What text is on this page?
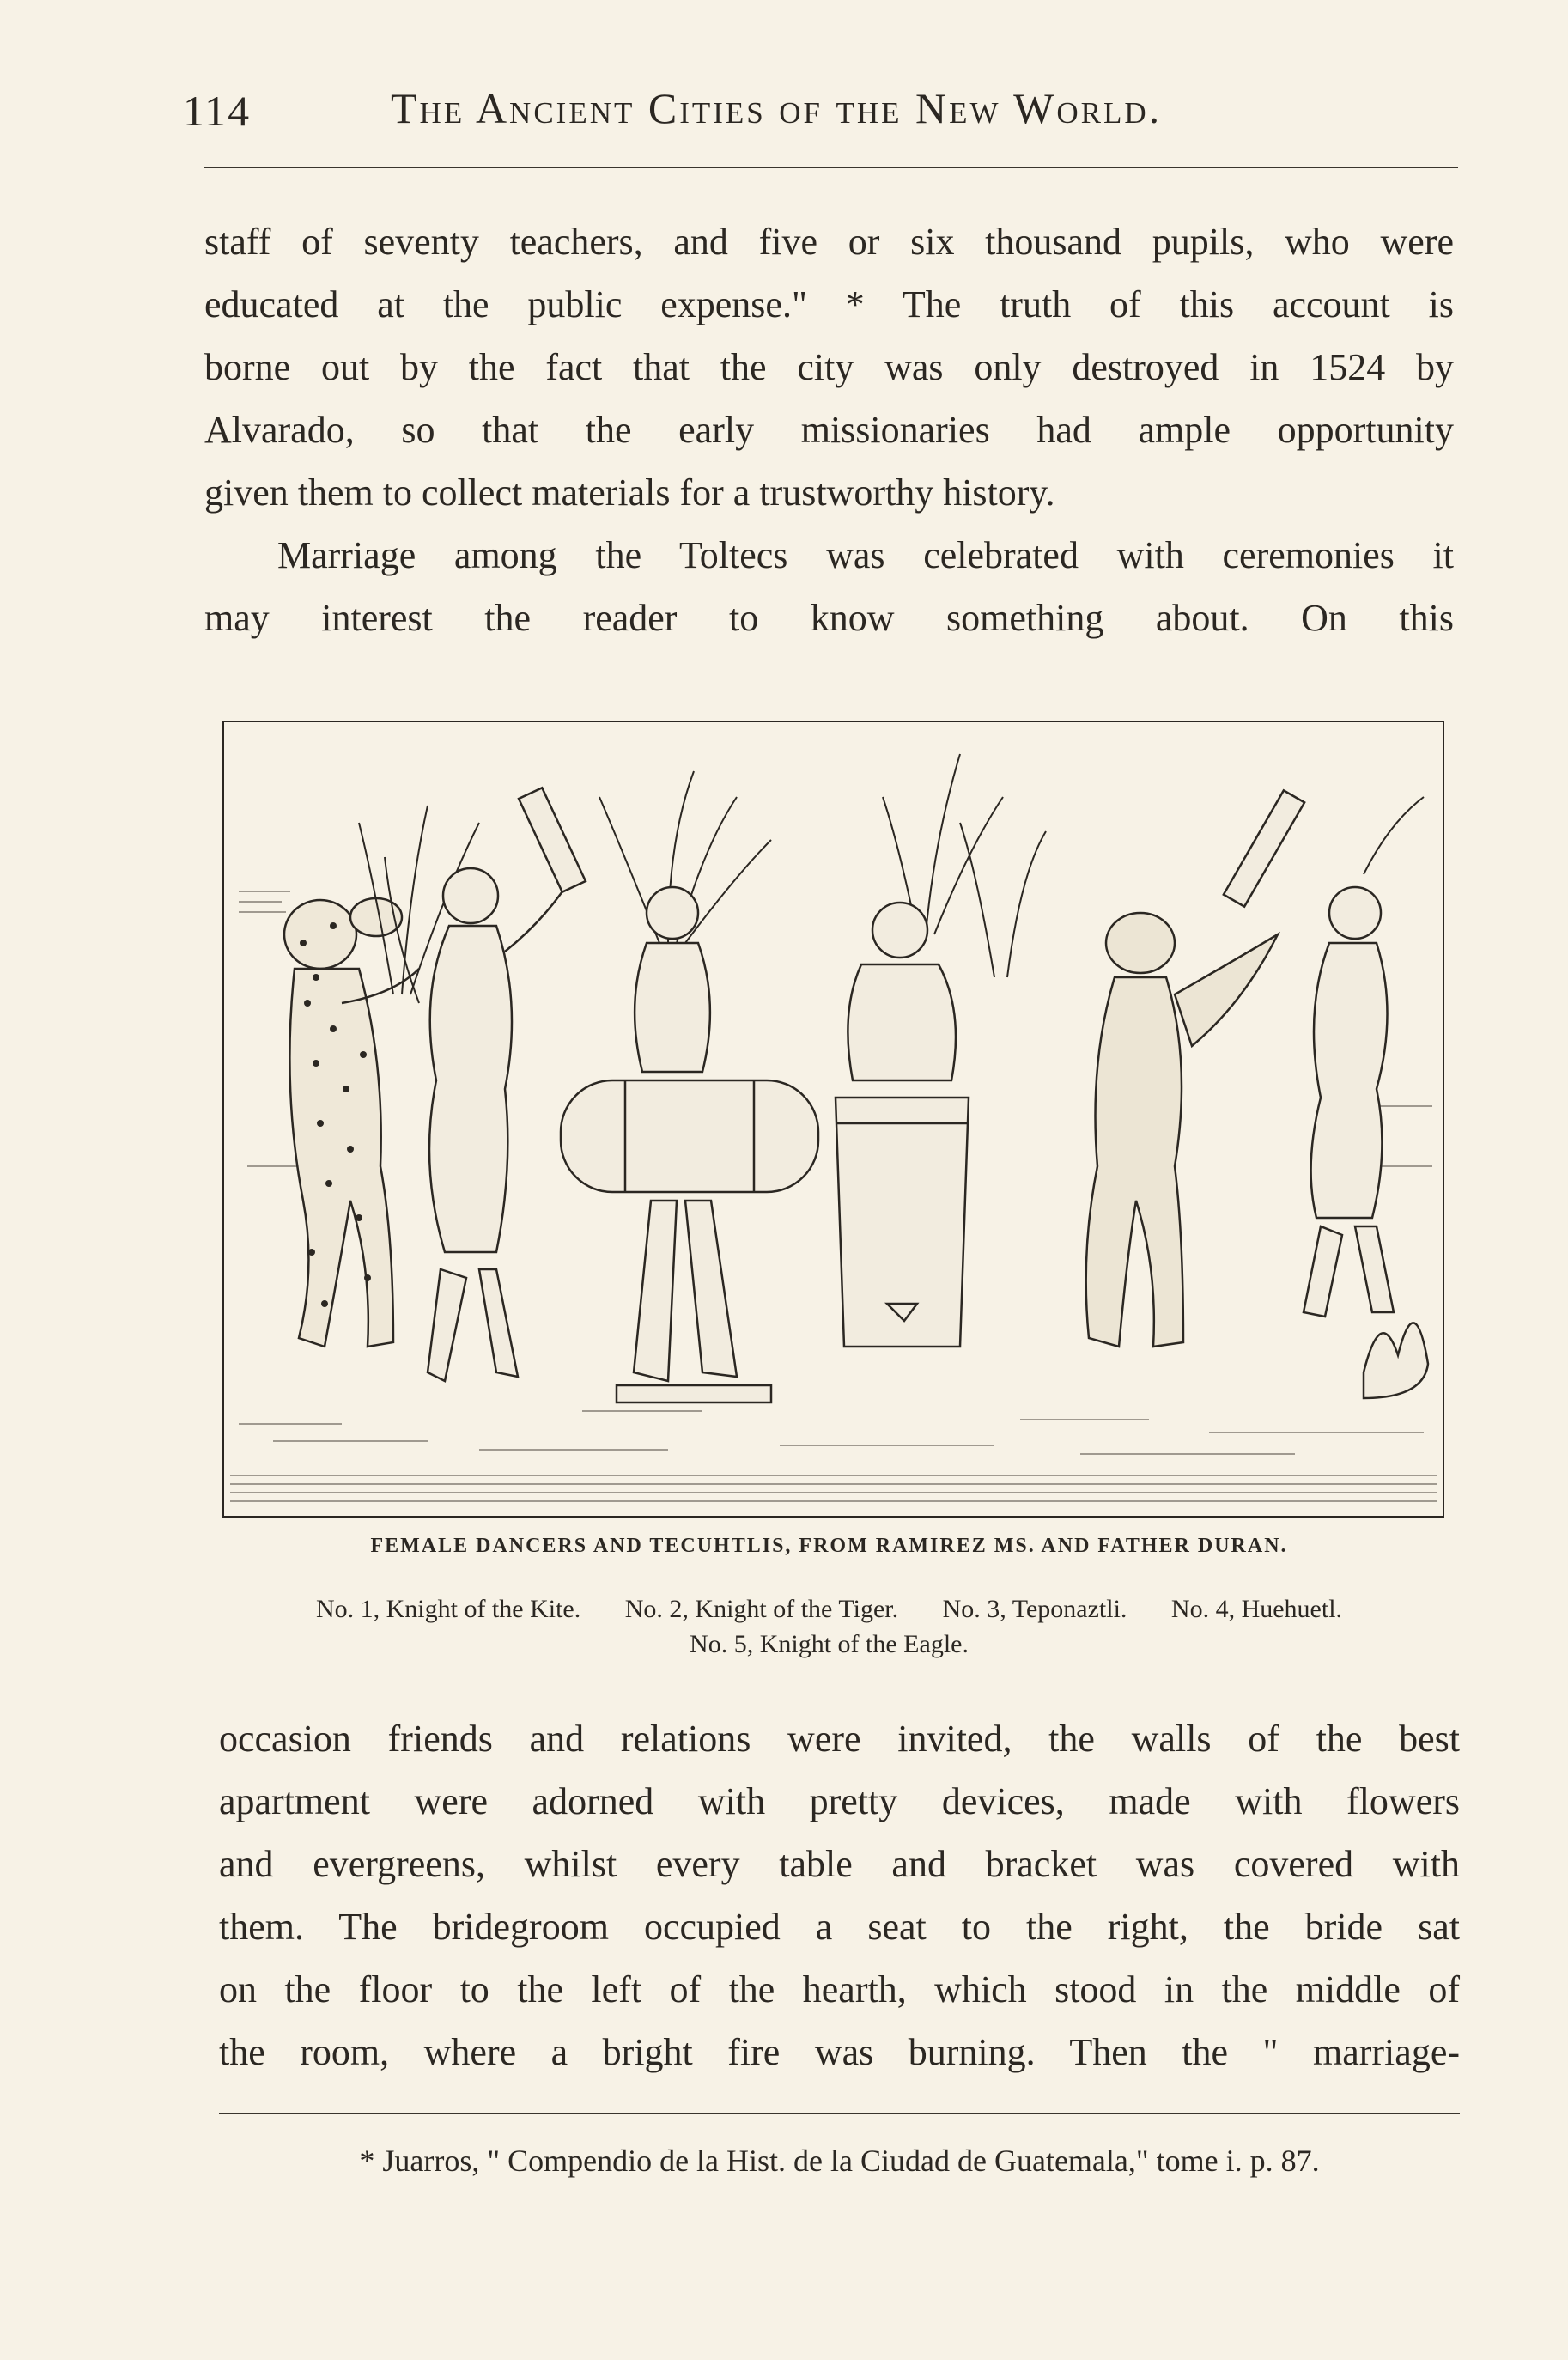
114	The Ancient Cities of the New World.
staff of seventy teachers, and five or six thousand pupils, who were
educated at the public expense." * The truth of this account is
borne out by the fact that the city was only destroyed in 1524 by
Alvarado, so that the early missionaries had ample opportunity
given them to collect materials for a trustworthy history.
Marriage among the Toltecs was celebrated with ceremonies it
may interest the reader to know something about. On this
FEMALE DANCERS AND TECUHTLIS, FROM RAMIREZ MS. AND FATHER DURAN.
No. 1, Knight of the Kite. No. 2, Knight of the Tiger. No. 3, Teponaztli. No. 4, Huehuetl.
No. 5, Knight of the Eagle.
occasion friends and relations were invited, the walls of the best
apartment were adorned with pretty devices, made with flowers
and evergreens, whilst every table and bracket was covered with
them. The bridegroom occupied a seat to the right, the bride sat
on the floor to the left of the hearth, which stood in the middle of
the room, where a bright fire was burning. Then the " marriage-
* Juarros, " Compendio de la Hist. de la Ciudad de Guatemala," tome i. p. 87.
